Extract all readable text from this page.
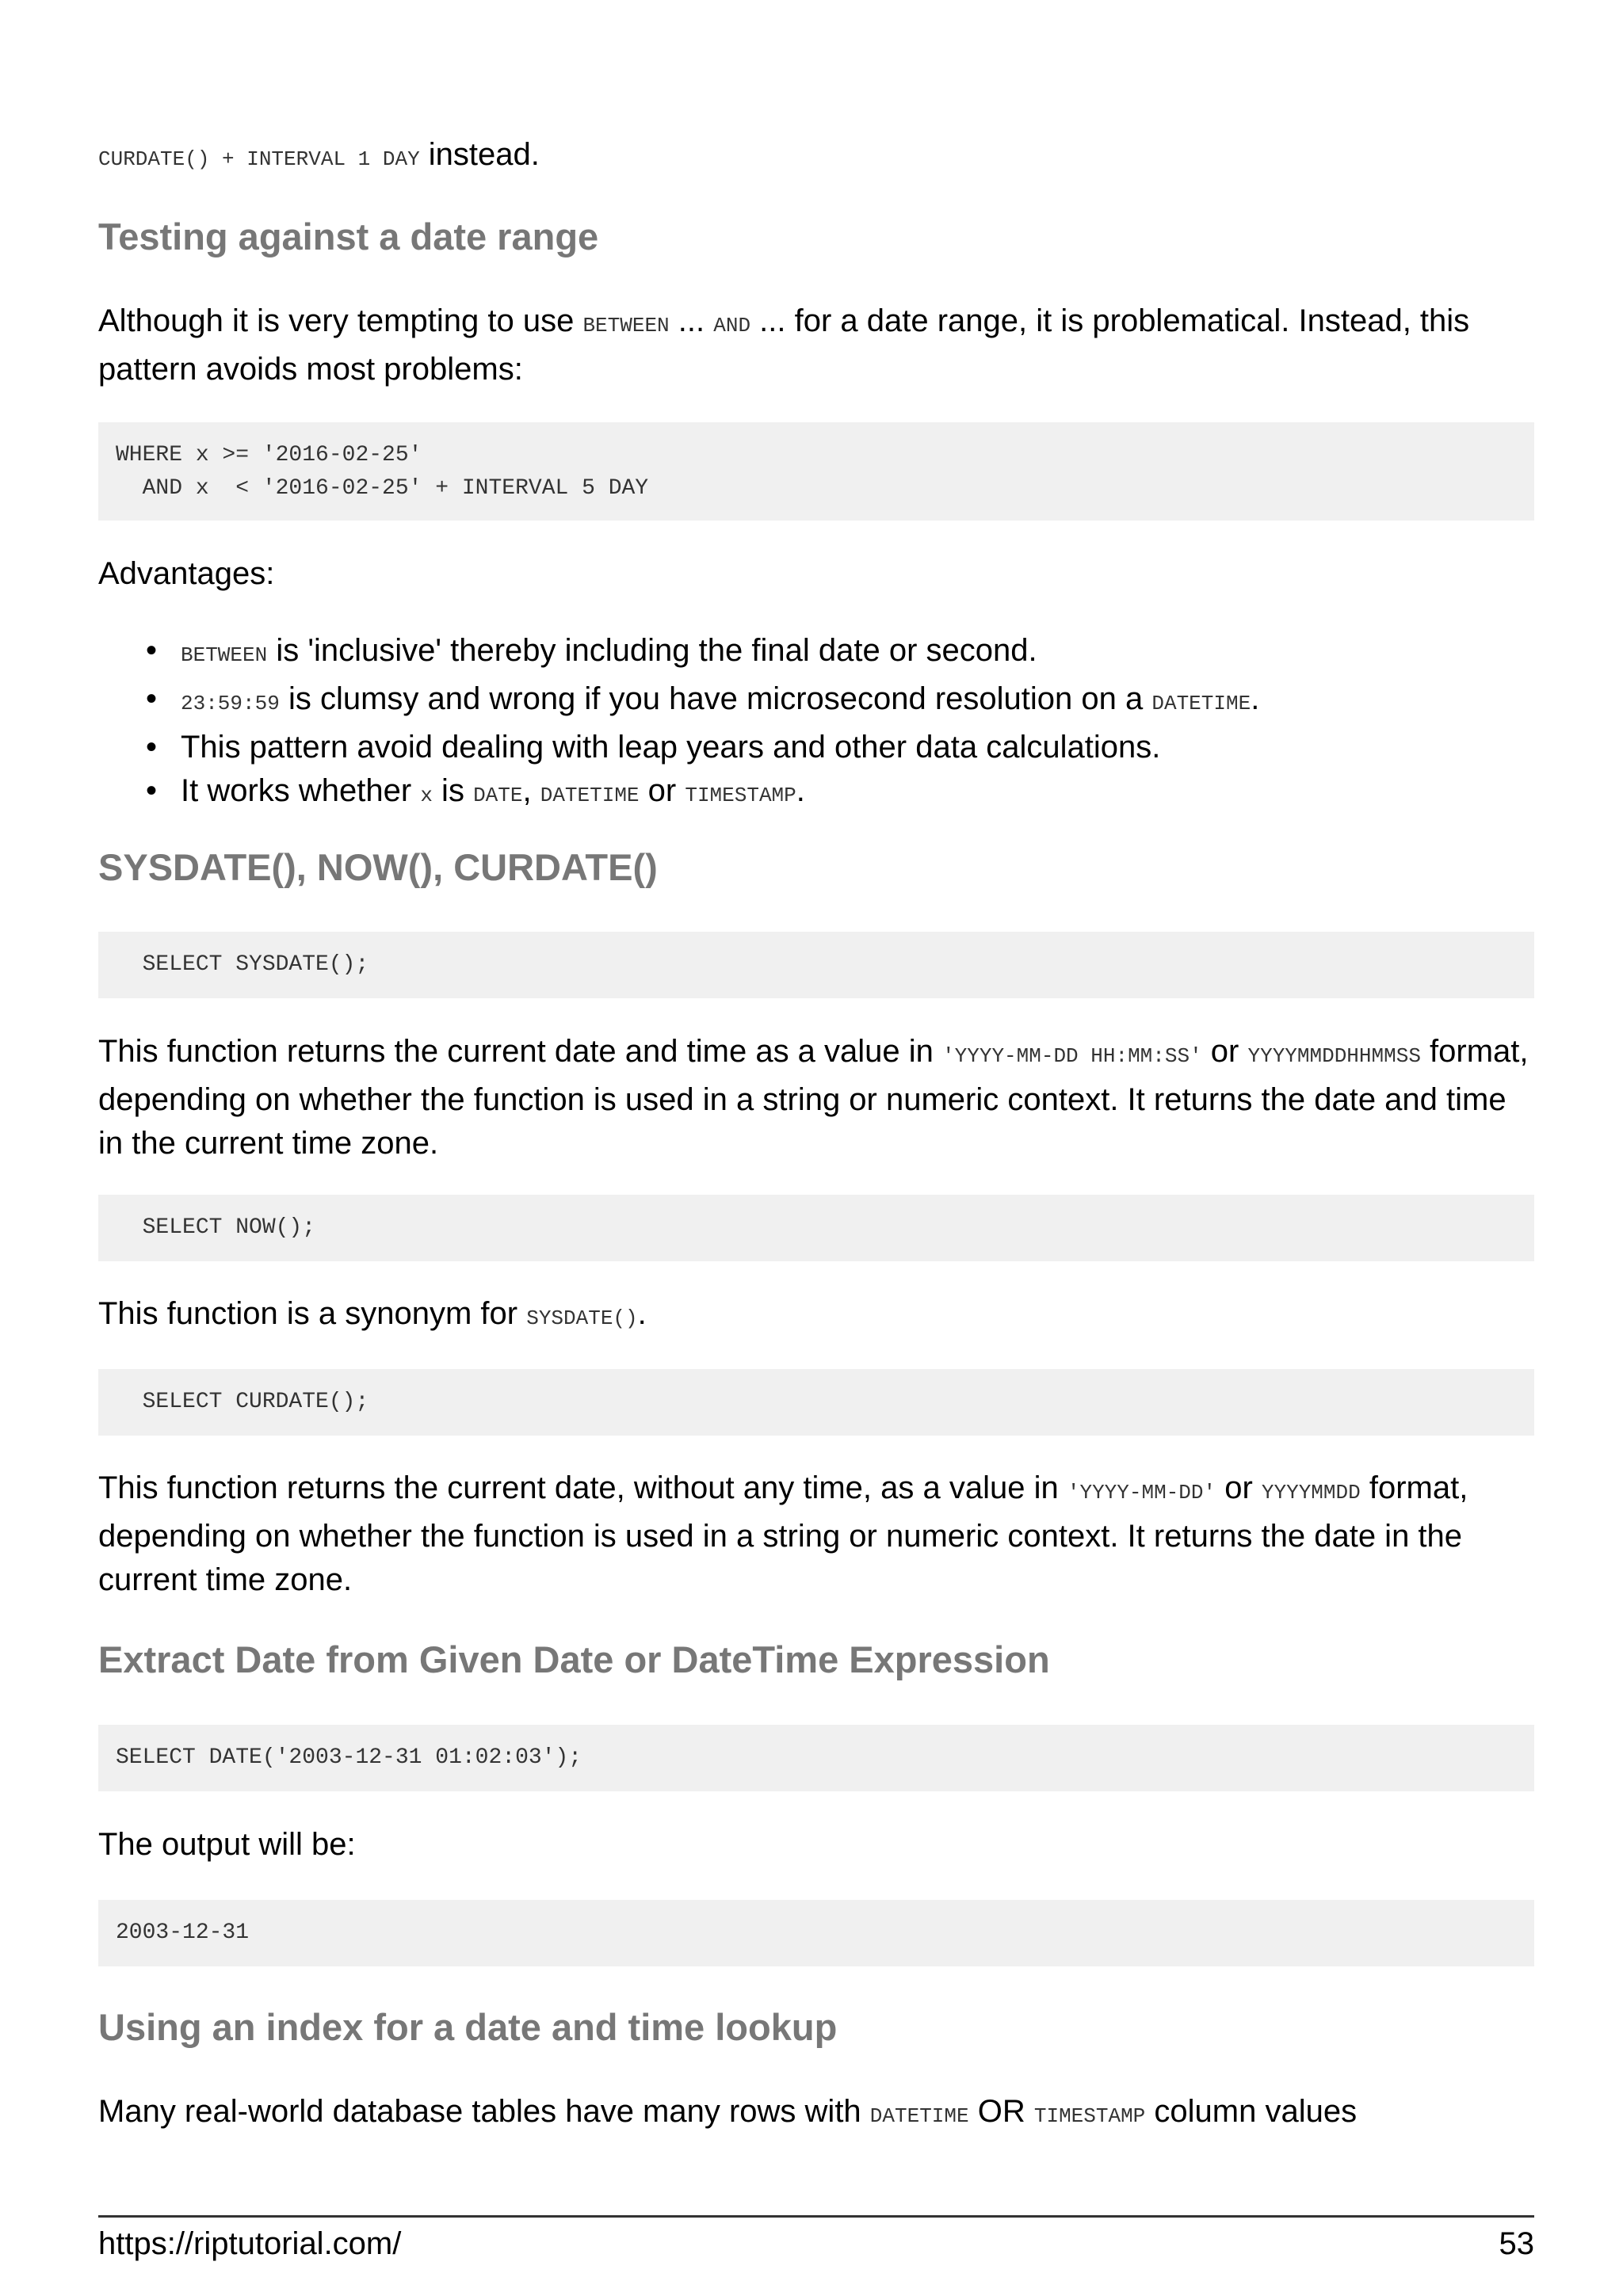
CURDATE() + INTERVAL 1 DAY instead.

Testing against a date range

Although it is very tempting to use BETWEEN ... AND ... for a date range, it is problematical. Instead, this pattern avoids most problems:

WHERE x >= '2016-02-25'
AND x  < '2016-02-25' + INTERVAL 5 DAY

Advantages:

• BETWEEN is 'inclusive' thereby including the final date or second.
• 23:59:59 is clumsy and wrong if you have microsecond resolution on a DATETIME.
• This pattern avoid dealing with leap years and other data calculations.
• It works whether x is DATE, DATETIME or TIMESTAMP.
SYSDATE(), NOW(), CURDATE()
SELECT SYSDATE();

This function returns the current date and time as a value in 'YYYY-MM-DD HH:MM:SS' or YYYYMMDDHHMMSS format, depending on whether the function is used in a string or numeric context. It returns the date and time in the current time zone.

SELECT NOW();

This function is a synonym for SYSDATE().

SELECT CURDATE();

This function returns the current date, without any time, as a value in 'YYYY-MM-DD' or YYYYMMDD format, depending on whether the function is used in a string or numeric context. It returns the date in the current time zone.

Extract Date from Given Date or DateTime Expression
SELECT DATE('2003-12-31 01:02:03');

The output will be:

2003-12-31
Using an index for a date and time lookup

Many real-world database tables have many rows with DATETIME OR TIMESTAMP column values

https://riptutorial.com/	53
